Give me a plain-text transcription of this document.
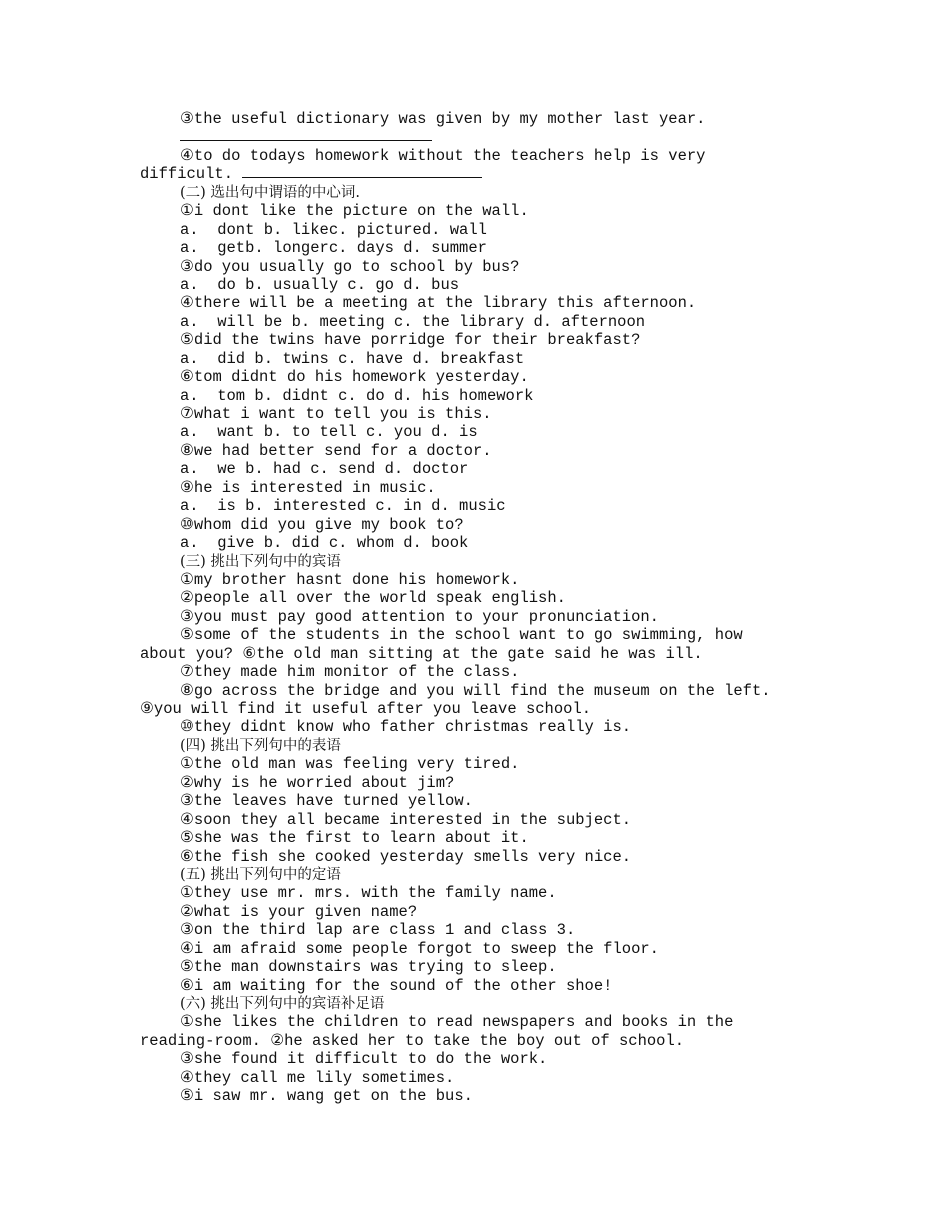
③the useful dictionary was given by my mother last year.
④to do todays homework without the teachers help is very
difficult.
(二) 选出句中谓语的中心词.
①i dont like the picture on the wall.
a.  dont b. likec. pictured. wall
a.  getb. longerc. days d. summer
③do you usually go to school by bus?
a.  do b. usually c. go d. bus
④there will be a meeting at the library this afternoon.
a.  will be b. meeting c. the library d. afternoon
⑤did the twins have porridge for their breakfast?
a.  did b. twins c. have d. breakfast
⑥tom didnt do his homework yesterday.
a.  tom b. didnt c. do d. his homework
⑦what i want to tell you is this.
a.  want b. to tell c. you d. is
⑧we had better send for a doctor.
a.  we b. had c. send d. doctor
⑨he is interested in music.
a.  is b. interested c. in d. music
⑩whom did you give my book to?
a.  give b. did c. whom d. book
(三) 挑出下列句中的宾语
①my brother hasnt done his homework.
②people all over the world speak english.
③you must pay good attention to your pronunciation.
⑤some of the students in the school want to go swimming, how
about you? ⑥the old man sitting at the gate said he was ill.
⑦they made him monitor of the class.
⑧go across the bridge and you will find the museum on the left.
⑨you will find it useful after you leave school.
⑩they didnt know who father christmas really is.
(四) 挑出下列句中的表语
①the old man was feeling very tired.
②why is he worried about jim?
③the leaves have turned yellow.
④soon they all became interested in the subject.
⑤she was the first to learn about it.
⑥the fish she cooked yesterday smells very nice.
(五) 挑出下列句中的定语
①they use mr. mrs. with the family name.
②what is your given name?
③on the third lap are class 1 and class 3.
④i am afraid some people forgot to sweep the floor.
⑤the man downstairs was trying to sleep.
⑥i am waiting for the sound of the other shoe!
(六) 挑出下列句中的宾语补足语
①she likes the children to read newspapers and books in the
reading-room. ②he asked her to take the boy out of school.
③she found it difficult to do the work.
④they call me lily sometimes.
⑤i saw mr. wang get on the bus.
